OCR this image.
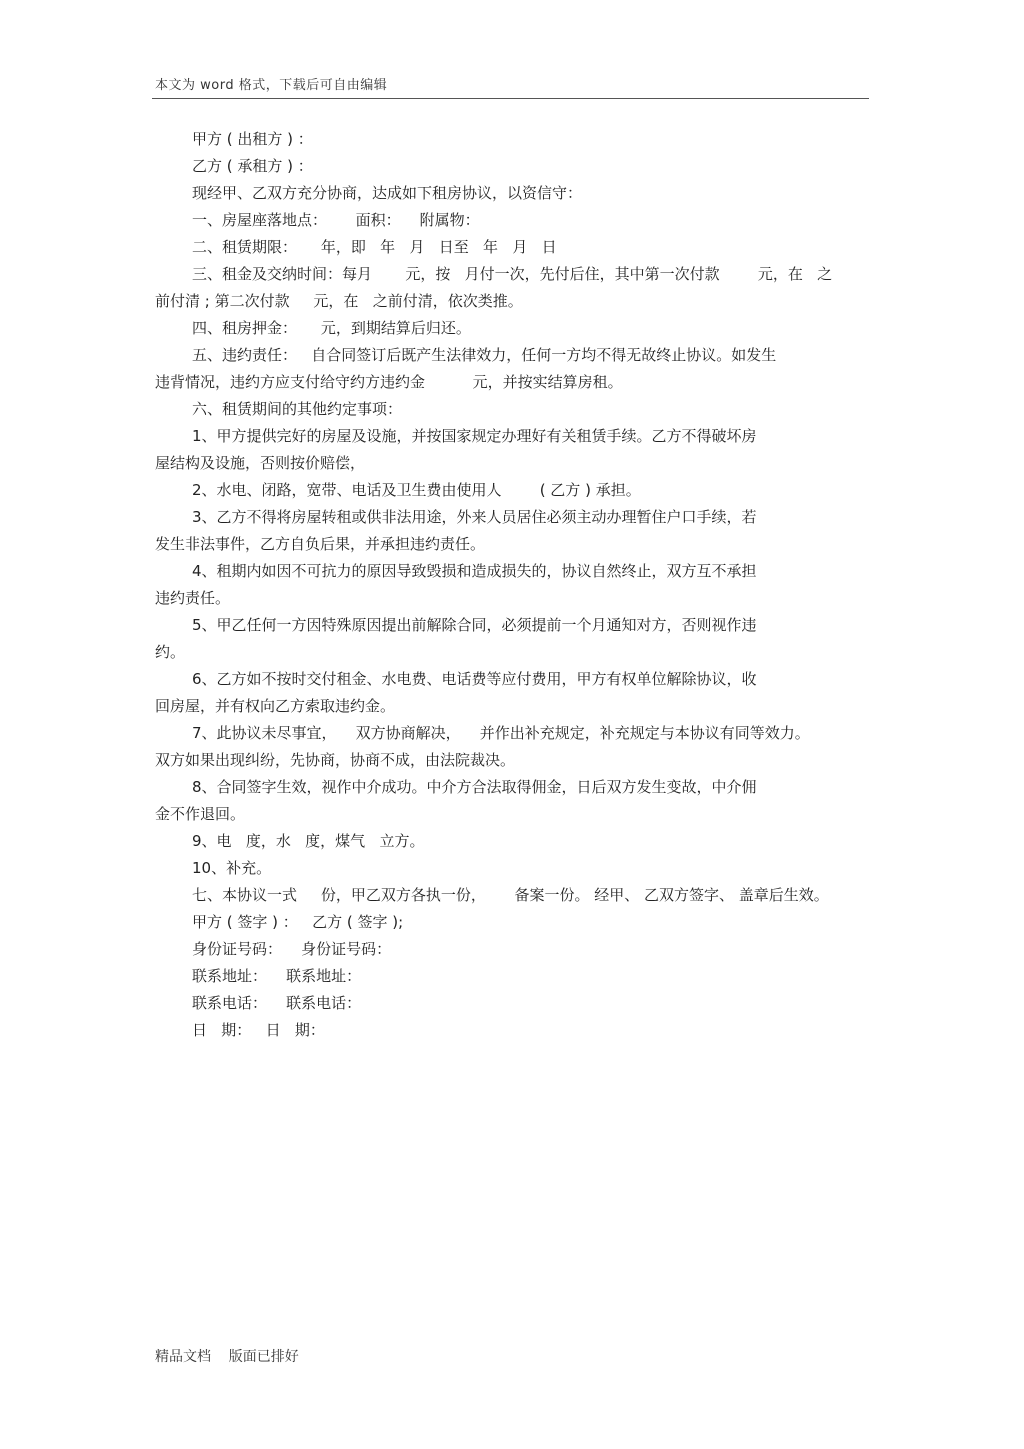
本文为 word 格式，下载后可自由编辑
甲方 ( 出租方 ) ：
乙方 ( 承租方 ) ：
现经甲、乙双方充分协商，达成如下租房协议，以资信守：
一、房屋座落地点：      面积：    附属物：
二、租赁期限：     年，即   年   月   日至   年   月   日
三、租金及交纳时间：每月       元，按   月付一次，先付后住，其中第一次付款        元，在   之
前付清 ; 第二次付款     元，在   之前付清，依次类推。
四、租房押金：     元，到期结算后归还。
五、违约责任：   自合同签订后既产生法律效力，任何一方均不得无故终止协议。如发生
违背情况，违约方应支付给守约方违约金          元，并按实结算房租。
六、租赁期间的其他约定事项：
1、甲方提供完好的房屋及设施，并按国家规定办理好有关租赁手续。乙方不得破坏房
屋结构及设施，否则按价赔偿，
2、水电、闭路，宽带、电话及卫生费由使用人        ( 乙方 ) 承担。
3、乙方不得将房屋转租或供非法用途，外来人员居住必须主动办理暂住户口手续，若
发生非法事件，乙方自负后果，并承担违约责任。
4、租期内如因不可抗力的原因导致毁损和造成损失的，协议自然终止，双方互不承担
违约责任。
5、甲乙任何一方因特殊原因提出前解除合同，必须提前一个月通知对方，否则视作违
约。
6、乙方如不按时交付租金、水电费、电话费等应付费用，甲方有权单位解除协议，收
回房屋，并有权向乙方索取违约金。
7、此协议未尽事宜，    双方协商解决，    并作出补充规定，补充规定与本协议有同等效力。
双方如果出现纠纷，先协商，协商不成，由法院裁决。
8、合同签字生效，视作中介成功。中介方合法取得佣金，日后双方发生变故，中介佣
金不作退回。
9、电   度，水   度，煤气   立方。
10、补充。
七、本协议一式     份，甲乙双方各执一份，      备案一份。 经甲、 乙双方签字、 盖章后生效。
甲方 ( 签字 ) ：   乙方 ( 签字 );
身份证号码：    身份证号码：
联系地址：    联系地址：
联系电话：    联系电话：
日   期：   日   期：
精品文档    版面已排好
